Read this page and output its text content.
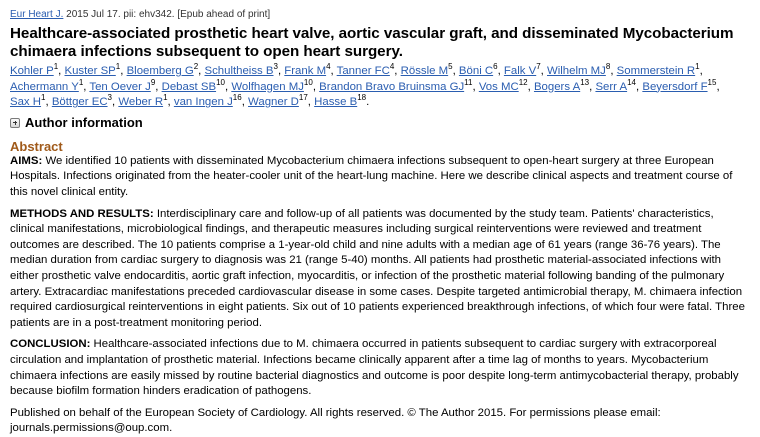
Eur Heart J. 2015 Jul 17. pii: ehv342. [Epub ahead of print]
Healthcare-associated prosthetic heart valve, aortic vascular graft, and disseminated Mycobacterium chimaera infections subsequent to open heart surgery.
Kohler $P^1$, Kuster $SP^1$, Bloemberg $G^2$, Schultheiss $B^3$, Frank $M^4$, Tanner $FC^4$, Rössle $M^5$, Böni $C^6$, Falk $V^7$, Wilhelm $MJ^8$, Sommerstein $R^1$, Achermann $Y^1$, Ten Oever $J^9$, Debast SB$^{10}$, Wolfhagen MJ$^{10}$, Brandon Bravo Bruinsma GJ$^{11}$, Vos MC$^{12}$, Bogers $A^{13}$, Serr $A^{14}$, Beyersdorf $F^{15}$, Sax $H^1$, Böttger $EC^3$, Weber $R^1$, van Ingen $J^{16}$, Wagner $D^{17}$, Hasse $B^{18}$.
Author information
Abstract
AIMS: We identified 10 patients with disseminated Mycobacterium chimaera infections subsequent to open-heart surgery at three European Hospitals. Infections originated from the heater-cooler unit of the heart-lung machine. Here we describe clinical aspects and treatment course of this novel clinical entity.
METHODS AND RESULTS: Interdisciplinary care and follow-up of all patients was documented by the study team. Patients' characteristics, clinical manifestations, microbiological findings, and therapeutic measures including surgical reinterventions were reviewed and treatment outcomes are described. The 10 patients comprise a 1-year-old child and nine adults with a median age of 61 years (range 36-76 years). The median duration from cardiac surgery to diagnosis was 21 (range 5-40) months. All patients had prosthetic material-associated infections with either prosthetic valve endocarditis, aortic graft infection, myocarditis, or infection of the prosthetic material following banding of the pulmonary artery. Extracardiac manifestations preceded cardiovascular disease in some cases. Despite targeted antimicrobial therapy, M. chimaera infection required cardiosurgical reinterventions in eight patients. Six out of 10 patients experienced breakthrough infections, of which four were fatal. Three patients are in a post-treatment monitoring period.
CONCLUSION: Healthcare-associated infections due to M. chimaera occurred in patients subsequent to cardiac surgery with extracorporeal circulation and implantation of prosthetic material. Infections became clinically apparent after a time lag of months to years. Mycobacterium chimaera infections are easily missed by routine bacterial diagnostics and outcome is poor despite long-term antimycobacterial therapy, probably because biofilm formation hinders eradication of pathogens.
Published on behalf of the European Society of Cardiology. All rights reserved. © The Author 2015. For permissions please email: journals.permissions@oup.com.
